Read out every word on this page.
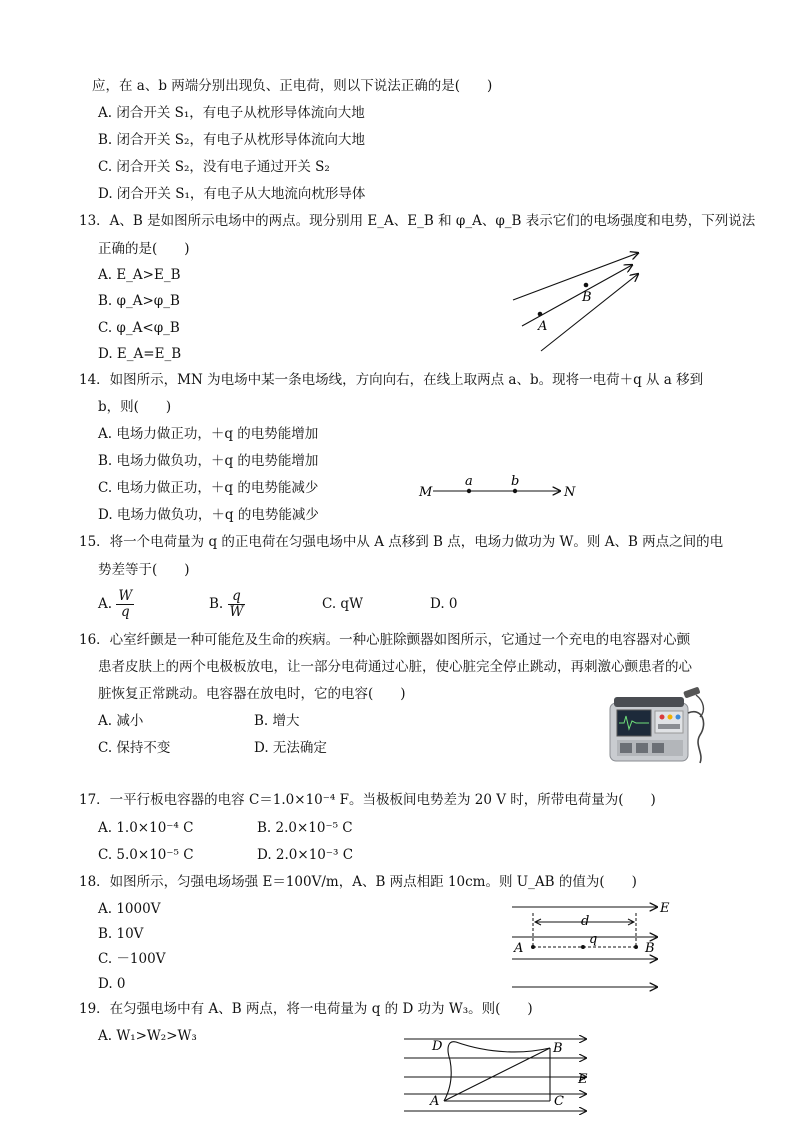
应，在 a、b 两端分别出现负、正电荷，则以下说法正确的是(　　)
A. 闭合开关 S₁，有电子从枕形导体流向大地
B. 闭合开关 S₂，有电子从枕形导体流向大地
C. 闭合开关 S₂，没有电子通过开关 S₂
D. 闭合开关 S₁，有电子从大地流向枕形导体
13．A、B 是如图所示电场中的两点。现分别用 E_A、E_B 和 φ_A、φ_B 表示它们的电场强度和电势，下列说法
正确的是(　　)
A. E_A>E_B
B. φ_A>φ_B
C. φ_A<φ_B
D. E_A=E_B
A
B
14．如图所示，MN 为电场中某一条电场线，方向向右，在线上取两点 a、b。现将一电荷＋q 从 a 移到
b，则(　　)
A. 电场力做正功，＋q 的电势能增加
B. 电场力做负功，＋q 的电势能增加
C. 电场力做正功，＋q 的电势能减少
D. 电场力做负功，＋q 的电势能减少
M
a	b
N
15．将一个电荷量为 q 的正电荷在匀强电场中从 A 点移到 B 点，电场力做功为 W。则 A、B 两点之间的电
势差等于(　　)
A. $\frac{W}{q}$	B. $\frac{q}{W}$	C. qW	D. 0
16．心室纤颤是一种可能危及生命的疾病。一种心脏除颤器如图所示，它通过一个充电的电容器对心颤
患者皮肤上的两个电极板放电，让一部分电荷通过心脏，使心脏完全停止跳动，再刺激心颤患者的心
脏恢复正常跳动。电容器在放电时，它的电容(　　)
A. 减小	B. 增大
C. 保持不变	D. 无法确定
17．一平行板电容器的电容 C＝1.0×10⁻⁴ F。当极板间电势差为 20 V 时，所带电荷量为(　　)
A. 1.0×10⁻⁴ C	B. 2.0×10⁻⁵ C
C. 5.0×10⁻⁵ C	D. 2.0×10⁻³ C
18．如图所示，匀强电场场强 E＝100V/m，A、B 两点相距 10cm。则 U_AB 的值为(　　)
A. 1000V
B. 10V
C. －100V
D. 0
E
d
q
A	B
19．在匀强电场中有 A、B 两点，将一电荷量为 q 的 D 功为 W₃。则(　　)
A. W₁>W₂>W₃
D	B
E
A	C
